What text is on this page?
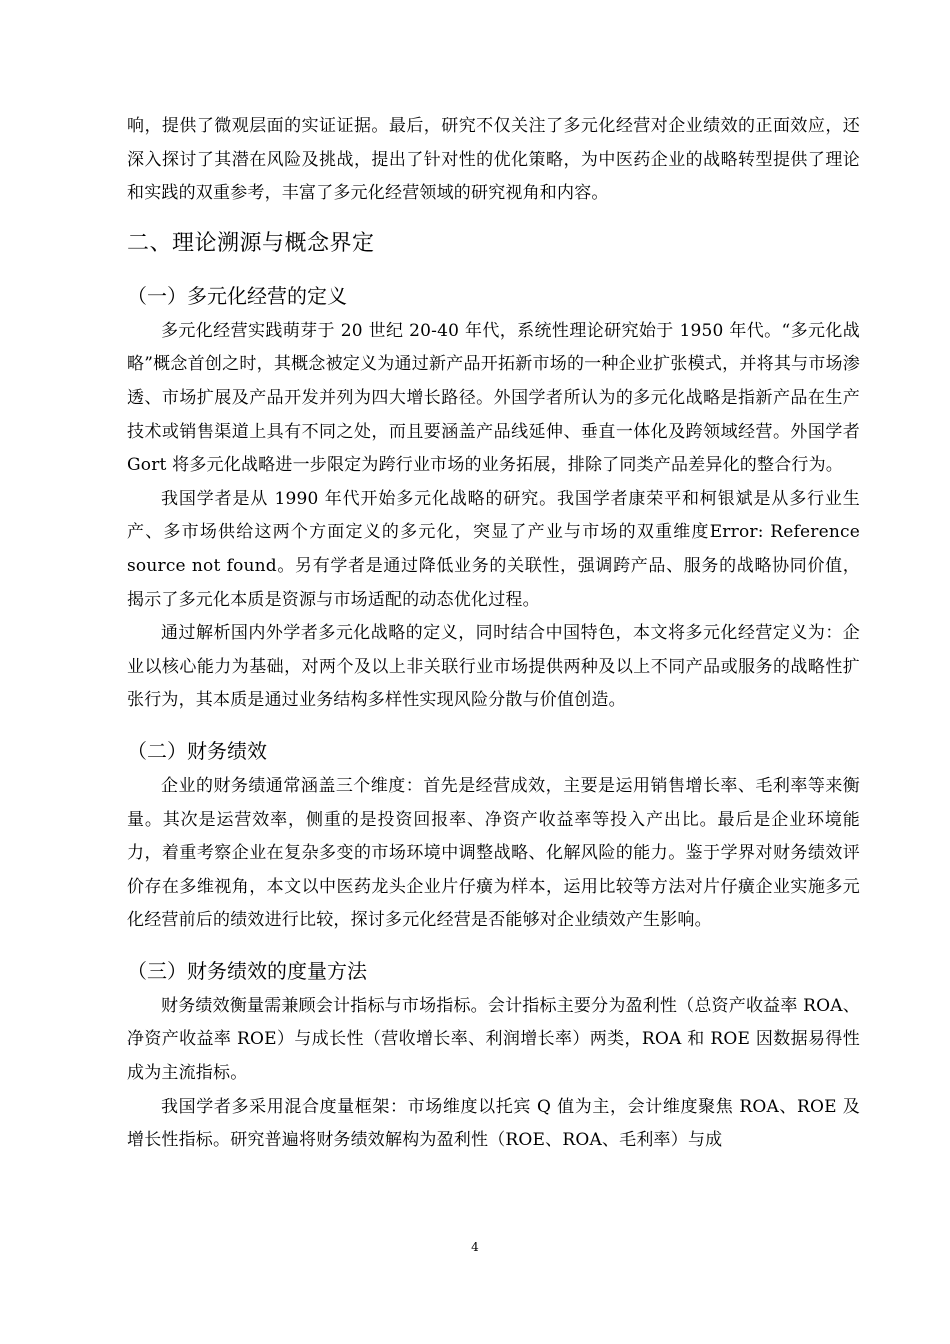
响，提供了微观层面的实证证据。最后，研究不仅关注了多元化经营对企业绩效的正面效应，还深入探讨了其潜在风险及挑战，提出了针对性的优化策略，为中医药企业的战略转型提供了理论和实践的双重参考，丰富了多元化经营领域的研究视角和内容。

二、理论溯源与概念界定
（一）多元化经营的定义

多元化经营实践萌芽于 20 世纪 20-40 年代，系统性理论研究始于 1950 年代。“多元化战略”概念首创之时，其概念被定义为通过新产品开拓新市场的一种企业扩张模式，并将其与市场渗透、市场扩展及产品开发并列为四大增长路径。外国学者所认为的多元化战略是指新产品在生产技术或销售渠道上具有不同之处，而且要涵盖产品线延伸、垂直一体化及跨领域经营。外国学者 Gort 将多元化战略进一步限定为跨行业市场的业务拓展，排除了同类产品差异化的整合行为。

我国学者是从 1990 年代开始多元化战略的研究。我国学者康荣平和柯银斌是从多行业生产、多市场供给这两个方面定义的多元化，突显了产业与市场的双重维度Error: Reference source not found。另有学者是通过降低业务的关联性，强调跨产品、服务的战略协同价值，揭示了多元化本质是资源与市场适配的动态优化过程。

通过解析国内外学者多元化战略的定义，同时结合中国特色，本文将多元化经营定义为：企业以核心能力为基础，对两个及以上非关联行业市场提供两种及以上不同产品或服务的战略性扩张行为，其本质是通过业务结构多样性实现风险分散与价值创造。

（二）财务绩效

企业的财务绩通常涵盖三个维度：首先是经营成效，主要是运用销售增长率、毛利率等来衡量。其次是运营效率，侧重的是投资回报率、净资产收益率等投入产出比。最后是企业环境能力，着重考察企业在复杂多变的市场环境中调整战略、化解风险的能力。鉴于学界对财务绩效评价存在多维视角，本文以中医药龙头企业片仔癀为样本，运用比较等方法对片仔癀企业实施多元化经营前后的绩效进行比较，探讨多元化经营是否能够对企业绩效产生影响。

（三）财务绩效的度量方法

财务绩效衡量需兼顾会计指标与市场指标。会计指标主要分为盈利性（总资产收益率 ROA、净资产收益率 ROE）与成长性（营收增长率、利润增长率）两类，ROA 和 ROE 因数据易得性成为主流指标。

我国学者多采用混合度量框架：市场维度以托宾 Q 值为主，会计维度聚焦 ROA、ROE 及增长性指标。研究普遍将财务绩效解构为盈利性（ROE、ROA、毛利率）与成

4
